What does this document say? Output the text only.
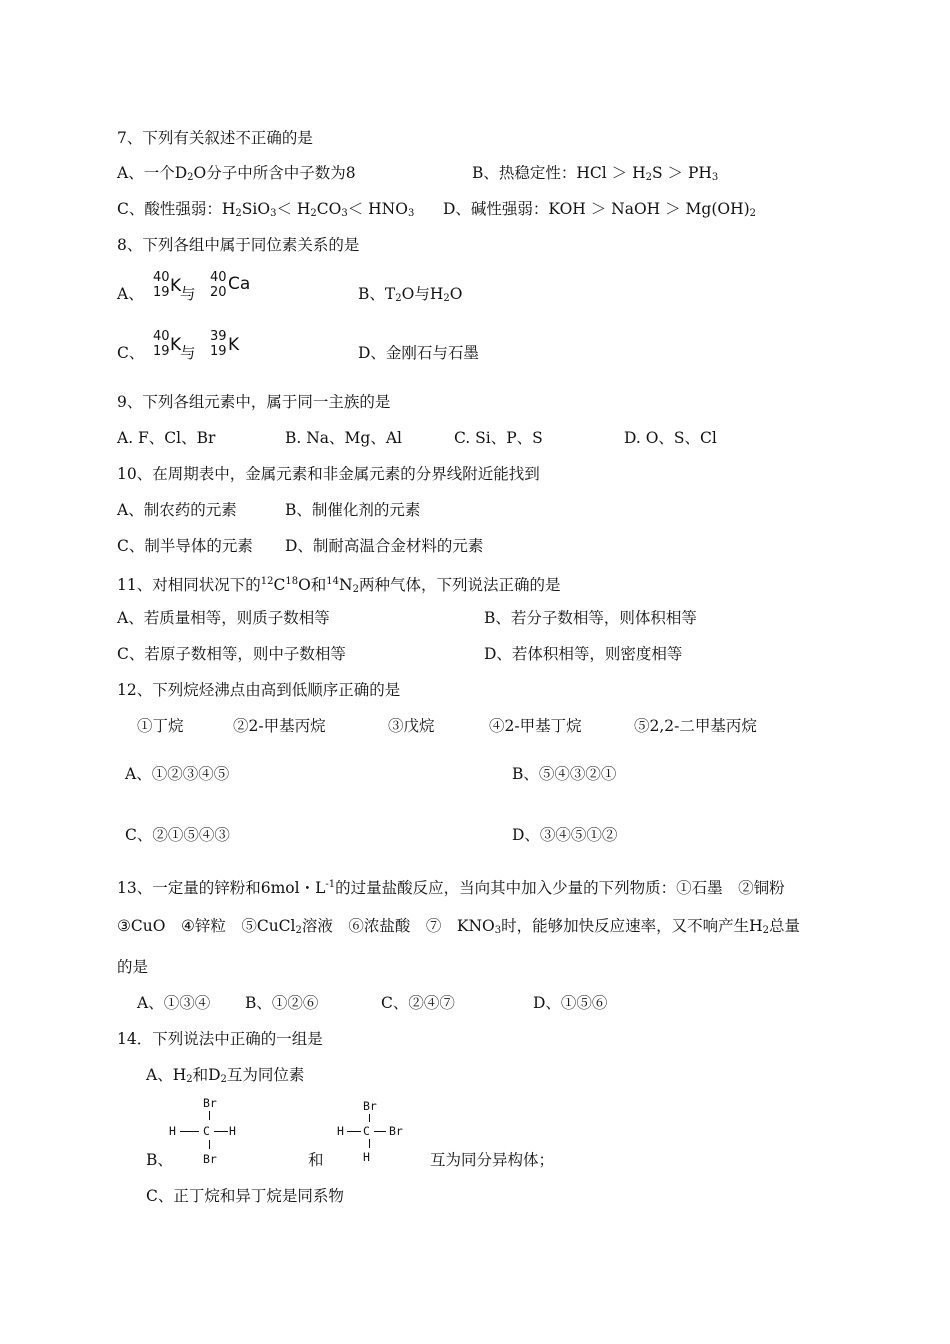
7、下列有关叙述不正确的是
A、一个$D_2O$分子中所含中子数为8	B、热稳定性：HCl ＞ $H_2S > PH_3$
C、酸性强弱：$H_2SiO_3< H_2CO_3< HNO_3$ D、碱性强弱：KOH ＞ NaOH ＞ $Mg(OH)_2$
8、下列各组中属于同位素关系的是
A、
40
19 K
与
40
20 Ca	B、$T_2O$与$H_2O$
C、
40
19 K
与
39
19 K	D、金刚石与石墨
9、下列各组元素中，属于同一主族的是
A. F、Cl、Br	B. Na、Mg、Al	C. Si、P、S	D. O、S、Cl
10、在周期表中，金属元素和非金属元素的分界线附近能找到
A、制农药的元素	B、制催化剂的元素
C、制半导体的元素 D、制耐高温合金材料的元素
11、对相同状况下的$^{12}C^{18}O$和$^{14}N_2$两种气体，下列说法正确的是
A、若质量相等，则质子数相等	B、若分子数相等，则体积相等
C、若原子数相等，则中子数相等	D、若体积相等，则密度相等
12、下列烷烃沸点由高到低顺序正确的是
①丁烷	②2-甲基丙烷	③戊烷	④2-甲基丁烷	⑤2,2-二甲基丙烷
A、①②③④⑤	B、⑤④③②①
C、②①⑤④③	D、③④⑤①②
13、一定量的锌粉和6mol・$L^{-1}$的过量盐酸反应，当向其中加入少量的下列物质：①石墨　②铜粉
③CuO　④锌粒　⑤CuCl$_2$溶液　⑥浓盐酸　⑦　$KNO_3$时，能够加快反应速率，又不响产生$H_2$总量
的是
A、①③④ B、①②⑥	C、②④⑦	D、①⑤⑥
14．下列说法中正确的一组是
A、$H_2$和$D_2$互为同位素
Br
H C H
Br
B、	和
Br
H C Br
H	互为同分异构体；
C、正丁烷和异丁烷是同系物
